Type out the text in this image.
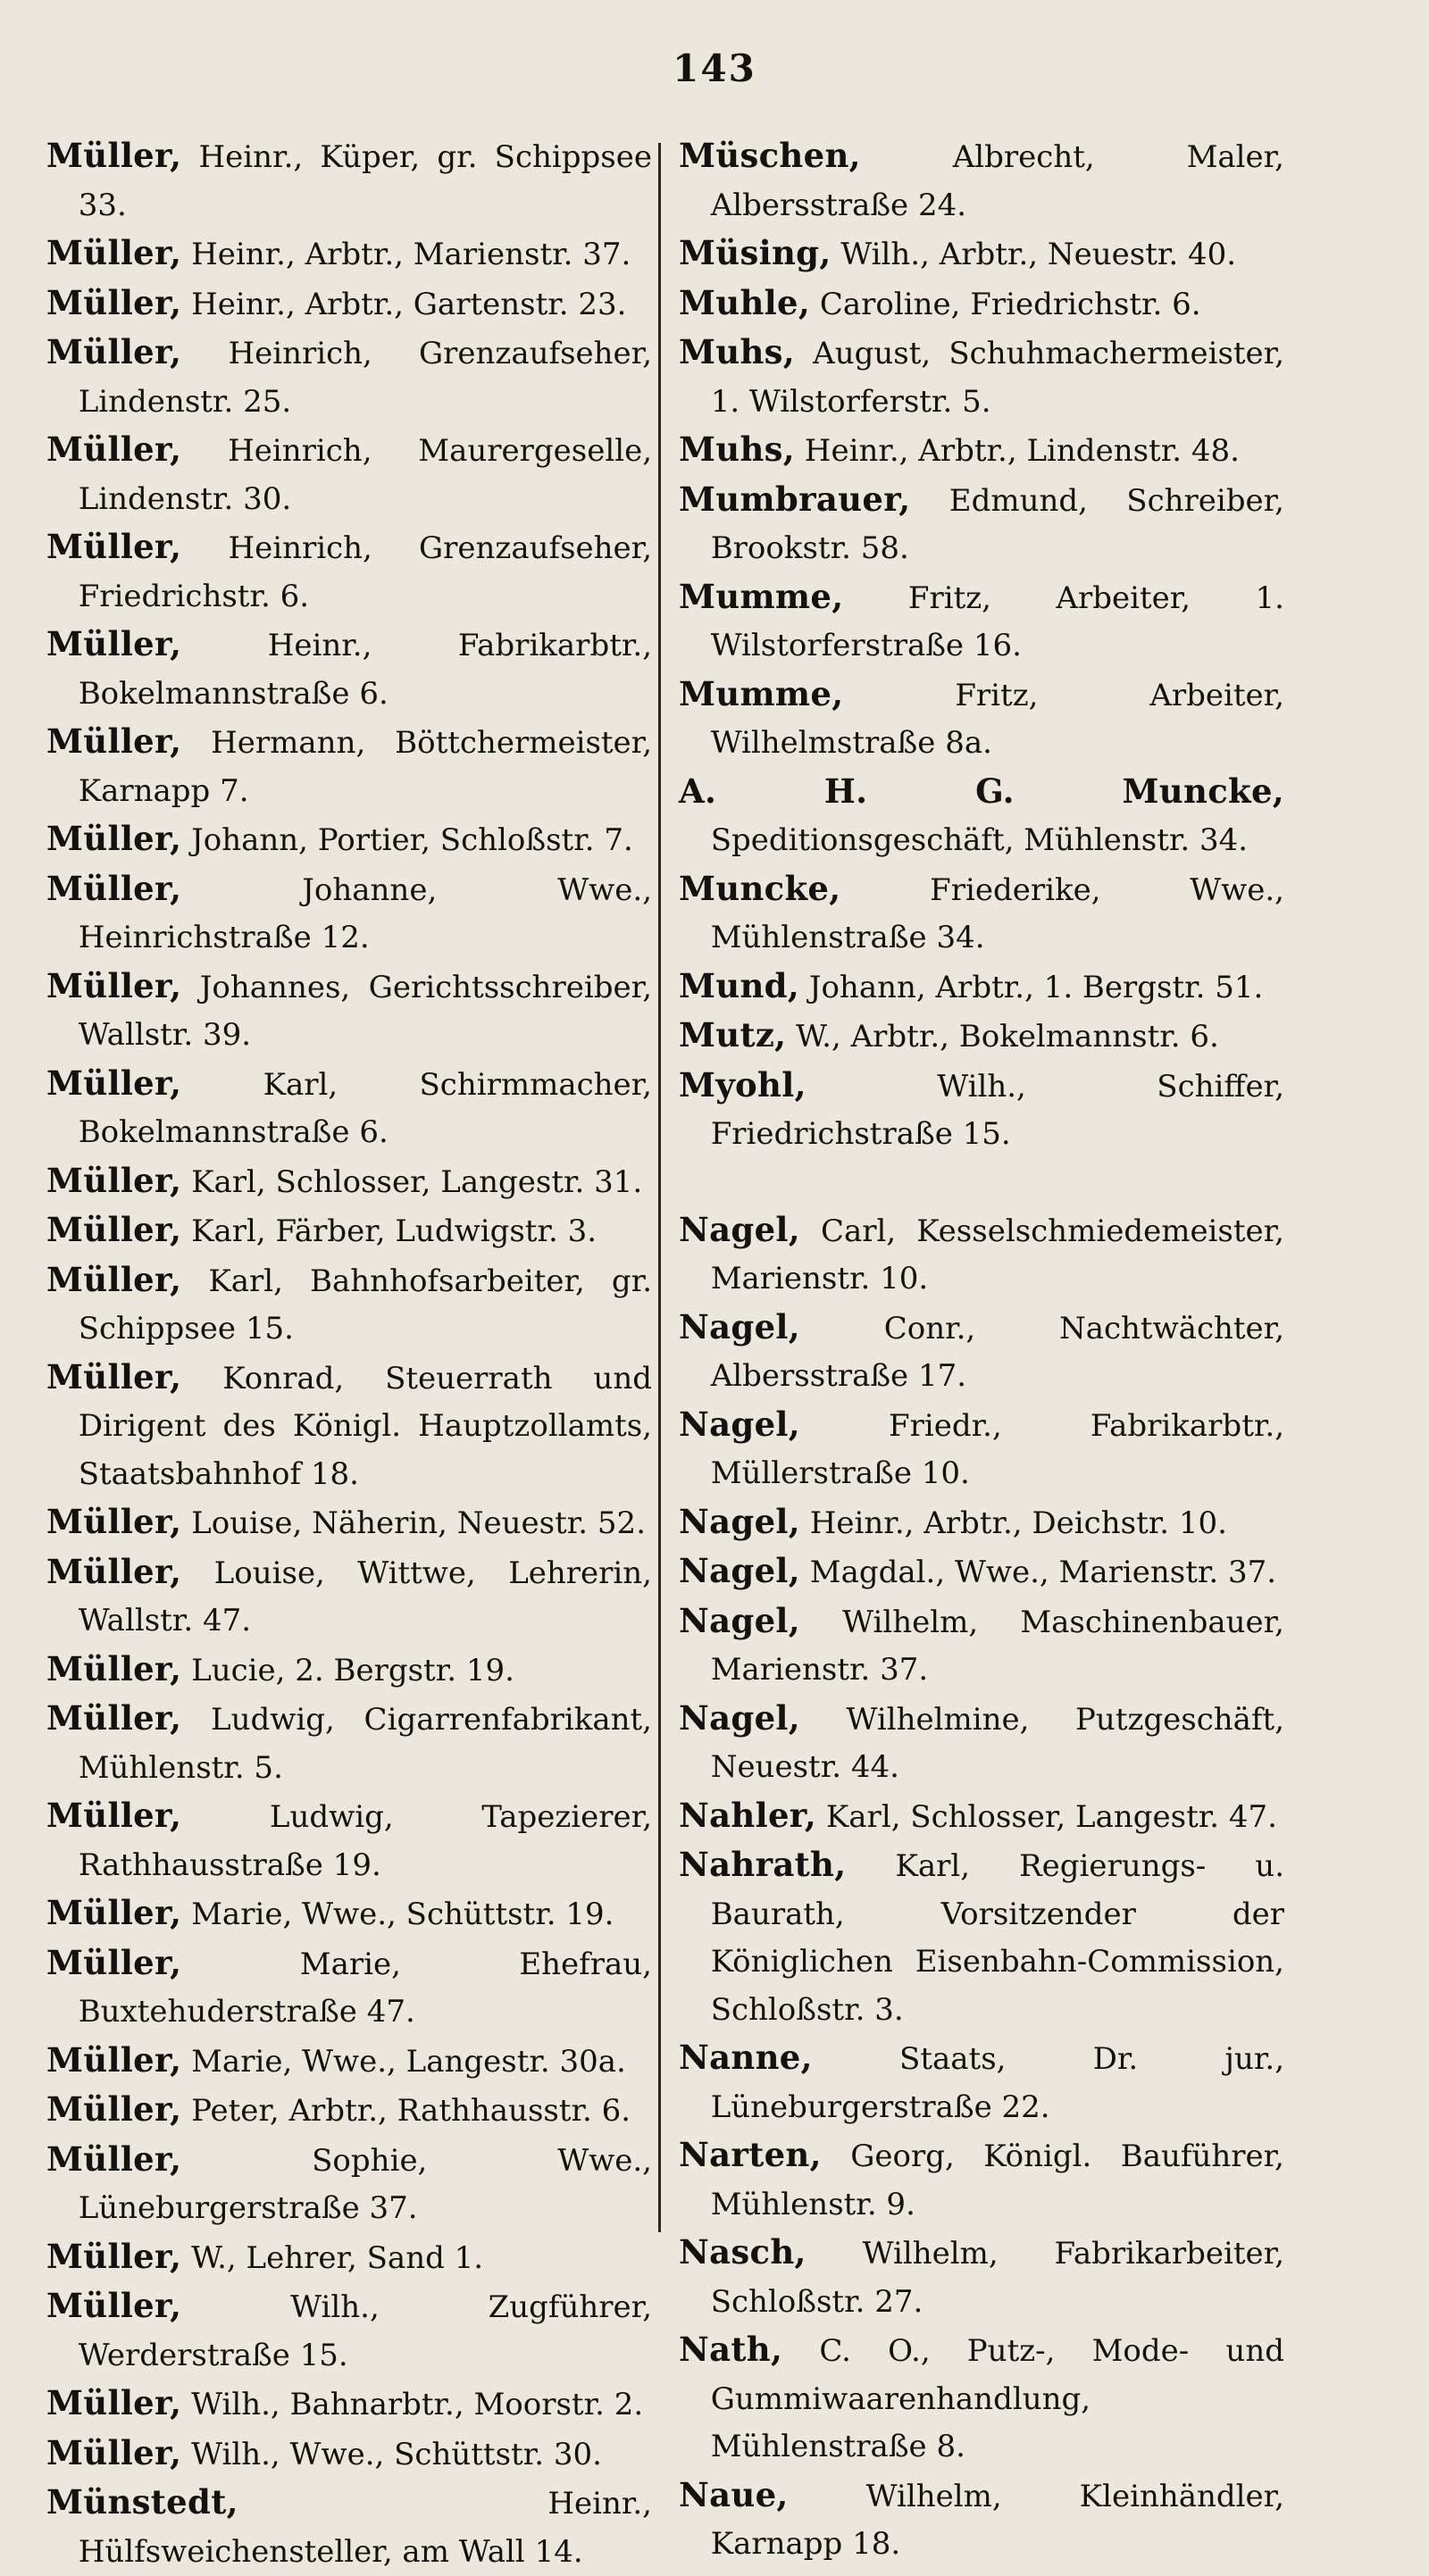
143

Müller, Heinr., Küper, gr. Schippsee 33.

Müller, Heinr., Arbtr., Marienstr. 37.

Müller, Heinr., Arbtr., Gartenstr. 23.

Müller, Heinrich, Grenzaufseher, Lindenstr. 25.

Müller, Heinrich, Maurergeselle, Lindenstr. 30.

Müller, Heinrich, Grenzaufseher, Friedrichstr. 6.

Müller,	Heinr., Fabrikarbtr., Bokelmannstraße 6.

Müller, Hermann, Böttchermeister, Karnapp 7.

Müller, Johann, Portier, Schloßstr. 7.

Müller,	Johanne, Wwe., Heinrichstraße 12.

Müller, Johannes, Gerichtsschreiber, Wallstr. 39.

Müller,	Karl, Schirmmacher, Bokelmannstraße 6.

Müller, Karl, Schlosser, Langestr. 31.

Müller, Karl, Färber, Ludwigstr. 3.

Müller, Karl, Bahnhofsarbeiter, gr. Schippsee 15.

Müller, Konrad, Steuerrath und Dirigent des Königl. Hauptzollamts, Staatsbahnhof 18.

Müller, Louise, Näherin, Neuestr. 52.

Müller, Louise, Wittwe, Lehrerin, Wallstr. 47.

Müller, Lucie, 2. Bergstr. 19.

Müller, Ludwig, Cigarrenfabrikant, Mühlenstr. 5.

Müller,	Ludwig, Tapezierer, Rathhausstraße 19.

Müller, Marie, Wwe., Schüttstr. 19.

Müller,	Marie, Ehefrau, Buxtehuderstraße 47.

Müller, Marie, Wwe., Langestr. 30a.

Müller, Peter, Arbtr., Rathhausstr. 6.

Müller,	Sophie, Wwe., Lüneburgerstraße 37.

Müller, W., Lehrer, Sand 1.

Müller,	Wilh., Zugführer, Werderstraße 15.

Müller, Wilh., Bahnarbtr., Moorstr. 2.

Müller, Wilh., Wwe., Schüttstr. 30.

Münstedt,	Heinr., Hülfsweichensteller, am Wall 14.

Müschen,	Albrecht, Maler, Albersstraße 24.

Müsing, Wilh., Arbtr., Neuestr. 40.

Muhle, Caroline, Friedrichstr. 6.

Muhs, August, Schuhmachermeister, 1. Wilstorferstr. 5.

Muhs, Heinr., Arbtr., Lindenstr. 48.

Mumbrauer, Edmund, Schreiber, Brookstr. 58.

Mumme, Fritz, Arbeiter, 1. Wilstorferstraße 16.

Mumme,	Fritz, Arbeiter, Wilhelmstraße 8a.

A. H. G. Muncke, Speditionsgeschäft, Mühlenstr. 34.

Muncke,	Friederike, Wwe., Mühlenstraße 34.

Mund, Johann, Arbtr., 1. Bergstr. 51.

Mutz, W., Arbtr., Bokelmannstr. 6.

Myohl,	Wilh., Schiffer, Friedrichstraße 15.

Nagel, Carl, Kesselschmiedemeister, Marienstr. 10.

Nagel,	Conr., Nachtwächter, Albersstraße 17.

Nagel,	Friedr., Fabrikarbtr., Müllerstraße 10.

Nagel, Heinr., Arbtr., Deichstr. 10.

Nagel, Magdal., Wwe., Marienstr. 37.

Nagel, Wilhelm, Maschinenbauer, Marienstr. 37.

Nagel, Wilhelmine, Putzgeschäft, Neuestr. 44.

Nahler, Karl, Schlosser, Langestr. 47.

Nahrath, Karl, Regierungs- u. Baurath, Vorsitzender der Königlichen Eisenbahn-Commission, Schloßstr. 3.

Nanne,	Staats, Dr. jur., Lüneburgerstraße 22.

Narten, Georg, Königl. Bauführer, Mühlenstr. 9.

Nasch, Wilhelm, Fabrikarbeiter, Schloßstr. 27.

Nath, C. O., Putz-, Mode- und Gummiwaarenhandlung, Mühlenstraße 8.

Naue,	Wilhelm, Kleinhändler, Karnapp 18.
